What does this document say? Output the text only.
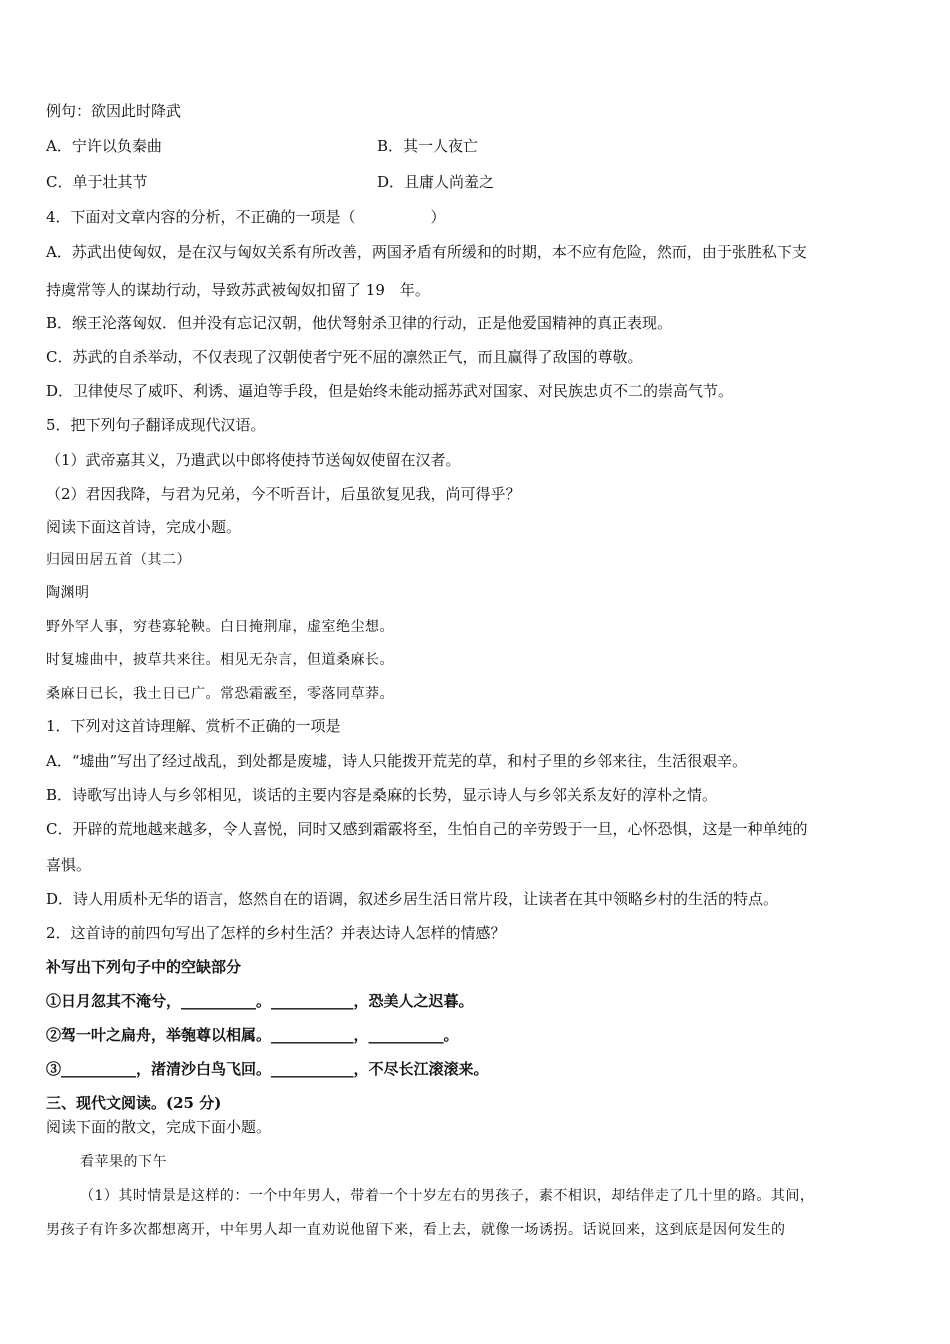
例句：欲因此时降武
A．宁许以负秦曲	B．其一人夜亡
C．单于壮其节	D．且庸人尚羞之
4．下面对文章内容的分析，不正确的一项是（　　　　　）
A．苏武出使匈奴，是在汉与匈奴关系有所改善，两国矛盾有所缓和的时期，本不应有危险，然而，由于张胜私下支
持虞常等人的谋劫行动，导致苏武被匈奴扣留了 19　年。
B．缑王沦落匈奴．但并没有忘记汉朝，他伏弩射杀卫律的行动，正是他爱国精神的真正表现。
C．苏武的自杀举动，不仅表现了汉朝使者宁死不屈的凛然正气，而且赢得了敌国的尊敬。
D．卫律使尽了威吓、利诱、逼迫等手段，但是始终未能动摇苏武对国家、对民族忠贞不二的崇高气节。
5．把下列句子翻译成现代汉语。
（1）武帝嘉其义，乃遣武以中郎将使持节送匈奴使留在汉者。
（2）君因我降，与君为兄弟，今不听吾计，后虽欲复见我，尚可得乎？
阅读下面这首诗，完成小题。
归园田居五首（其二）
陶渊明
野外罕人事，穷巷寡轮鞅。白日掩荆扉，虚室绝尘想。
时复墟曲中，披草共来往。相见无杂言，但道桑麻长。
桑麻日已长，我土日已广。常恐霜霰至，零落同草莽。
1．下列对这首诗理解、赏析不正确的一项是
A．“墟曲”写出了经过战乱，到处都是废墟，诗人只能拨开荒芜的草，和村子里的乡邻来往，生活很艰辛。
B．诗歌写出诗人与乡邻相见，谈话的主要内容是桑麻的长势，显示诗人与乡邻关系友好的淳朴之情。
C．开辟的荒地越来越多，令人喜悦，同时又感到霜霰将至，生怕自己的辛劳毁于一旦，心怀恐惧，这是一种单纯的
喜惧。
D．诗人用质朴无华的语言，悠然自在的语调，叙述乡居生活日常片段，让读者在其中领略乡村的生活的特点。
2．这首诗的前四句写出了怎样的乡村生活？并表达诗人怎样的情感？
补写出下列句子中的空缺部分
①日月忽其不淹兮，__________。___________，恐美人之迟暮。
②驾一叶之扁舟，举匏尊以相属。___________，__________。
③__________，渚清沙白鸟飞回。___________，不尽长江滚滚来。
三、现代文阅读。(25 分)
阅读下面的散文，完成下面小题。
看苹果的下午
（1）其时情景是这样的：一个中年男人，带着一个十岁左右的男孩子，素不相识，却结伴走了几十里的路。其间，
男孩子有许多次都想离开，中年男人却一直劝说他留下来，看上去，就像一场诱拐。话说回来，这到底是因何发生的
